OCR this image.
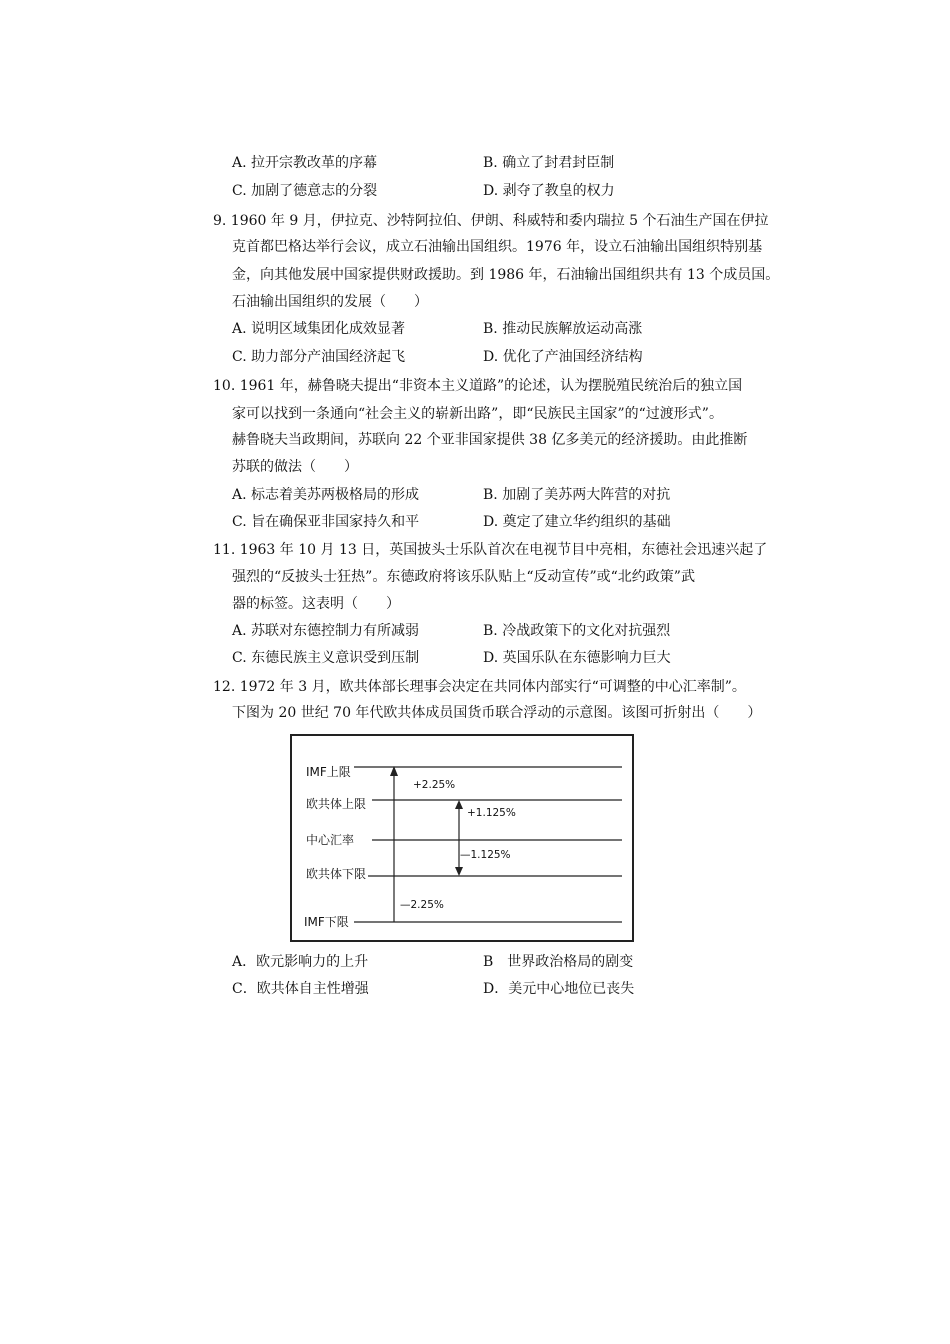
A. 拉开宗教改革的序幕	B. 确立了封君封臣制
C. 加剧了德意志的分裂	D. 剥夺了教皇的权力
9. 1960 年 9 月，伊拉克、沙特阿拉伯、伊朗、科威特和委内瑞拉 5 个石油生产国在伊拉
克首都巴格达举行会议，成立石油输出国组织。1976 年，设立石油输出国组织特别基
金，向其他发展中国家提供财政援助。到 1986 年，石油输出国组织共有 13 个成员国。
石油输出国组织的发展（　　）
A. 说明区域集团化成效显著	B. 推动民族解放运动高涨
C. 助力部分产油国经济起飞	D. 优化了产油国经济结构
10. 1961 年，赫鲁晓夫提出“非资本主义道路”的论述，认为摆脱殖民统治后的独立国
家可以找到一条通向“社会主义的崭新出路”，即“民族民主国家”的“过渡形式”。
赫鲁晓夫当政期间，苏联向 22 个亚非国家提供 38 亿多美元的经济援助。由此推断
苏联的做法（　　）
A. 标志着美苏两极格局的形成	B. 加剧了美苏两大阵营的对抗
C. 旨在确保亚非国家持久和平	D. 奠定了建立华约组织的基础
11. 1963 年 10 月 13 日，英国披头士乐队首次在电视节目中亮相，东德社会迅速兴起了
强烈的“反披头士狂热”。东德政府将该乐队贴上“反动宣传”或“北约政策”武
器的标签。这表明（　　）
A. 苏联对东德控制力有所减弱	B. 冷战政策下的文化对抗强烈
C. 东德民族主义意识受到压制	D. 英国乐队在东德影响力巨大
12. 1972 年 3 月，欧共体部长理事会决定在共同体内部实行“可调整的中心汇率制”。
下图为 20 世纪 70 年代欧共体成员国货币联合浮动的示意图。该图可折射出（　　）
IMF上限
欧共体上限
中心汇率
欧共体下限
IMF下限
+2.25%
+1.125%
—1.125%
—2.25%
A．欧元影响力的上升	B　世界政治格局的剧变
C．欧共体自主性增强	D．美元中心地位已丧失
